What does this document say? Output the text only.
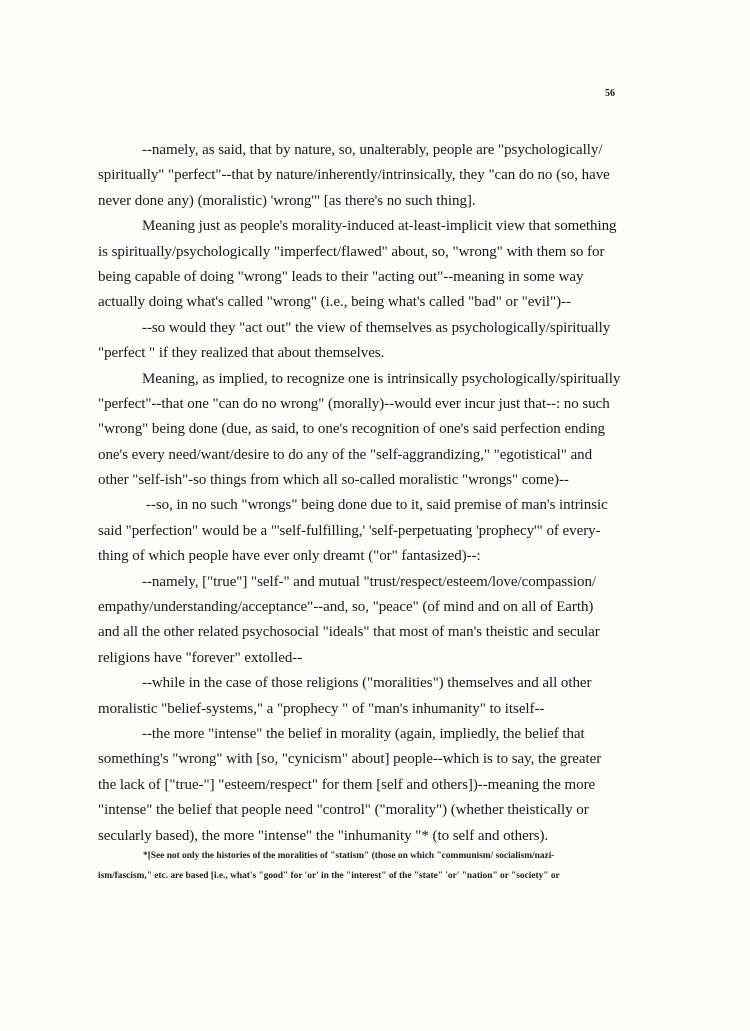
56
--namely, as said, that by nature, so, unalterably, people are "psychologically/
spiritually" "perfect"--that by nature/inherently/intrinsically, they "can do no (so, have
never done any) (moralistic) 'wrong'" [as there's no such thing].
Meaning just as people's morality-induced at-least-implicit view that something
is spiritually/psychologically "imperfect/flawed" about, so, "wrong" with them so for
being capable of doing "wrong" leads to their "acting out"--meaning in some way
actually doing what's called "wrong" (i.e., being what's called "bad" or "evil")--
--so would they "act out" the view of themselves as psychologically/spiritually
"perfect " if they realized that about themselves.
Meaning, as implied, to recognize one is intrinsically psychologically/spiritually
"perfect"--that one "can do no wrong" (morally)--would ever incur just that--: no such
"wrong" being done (due, as said, to one's recognition of one's said perfection ending
one's every need/want/desire to do any of the "self-aggrandizing," "egotistical" and
other "self-ish"-so things from which all so-called moralistic "wrongs" come)--
--so, in no such "wrongs" being done due to it, said premise of man's intrinsic
said "perfection" would be a "'self-fulfilling,' 'self-perpetuating 'prophecy'" of every-
thing of which people have ever only dreamt ("or" fantasized)--:
--namely, ["true"] "self-" and mutual "trust/respect/esteem/love/compassion/
empathy/understanding/acceptance"--and, so, "peace" (of mind and on all of Earth)
and all the other related psychosocial "ideals" that most of man's theistic and secular
religions have "forever" extolled--
--while in the case of those religions ("moralities") themselves and all other
moralistic "belief-systems," a "prophecy " of "man's inhumanity" to itself--
--the more "intense" the belief in morality (again, impliedly, the belief that
something's "wrong" with [so, "cynicism" about] people--which is to say, the greater
the lack of ["true-"] "esteem/respect" for them [self and others])--meaning the more
"intense" the belief that people need "control" ("morality") (whether theistically or
secularly based), the more "intense" the "inhumanity "* (to self and others).
*[See not only the histories of the moralities of "statism" (those on which "communism/ socialism/nazi-
ism/fascism," etc. are based [i.e., what's "good" for 'or' in the "interest" of the "state" 'or' "nation" or "society" or
